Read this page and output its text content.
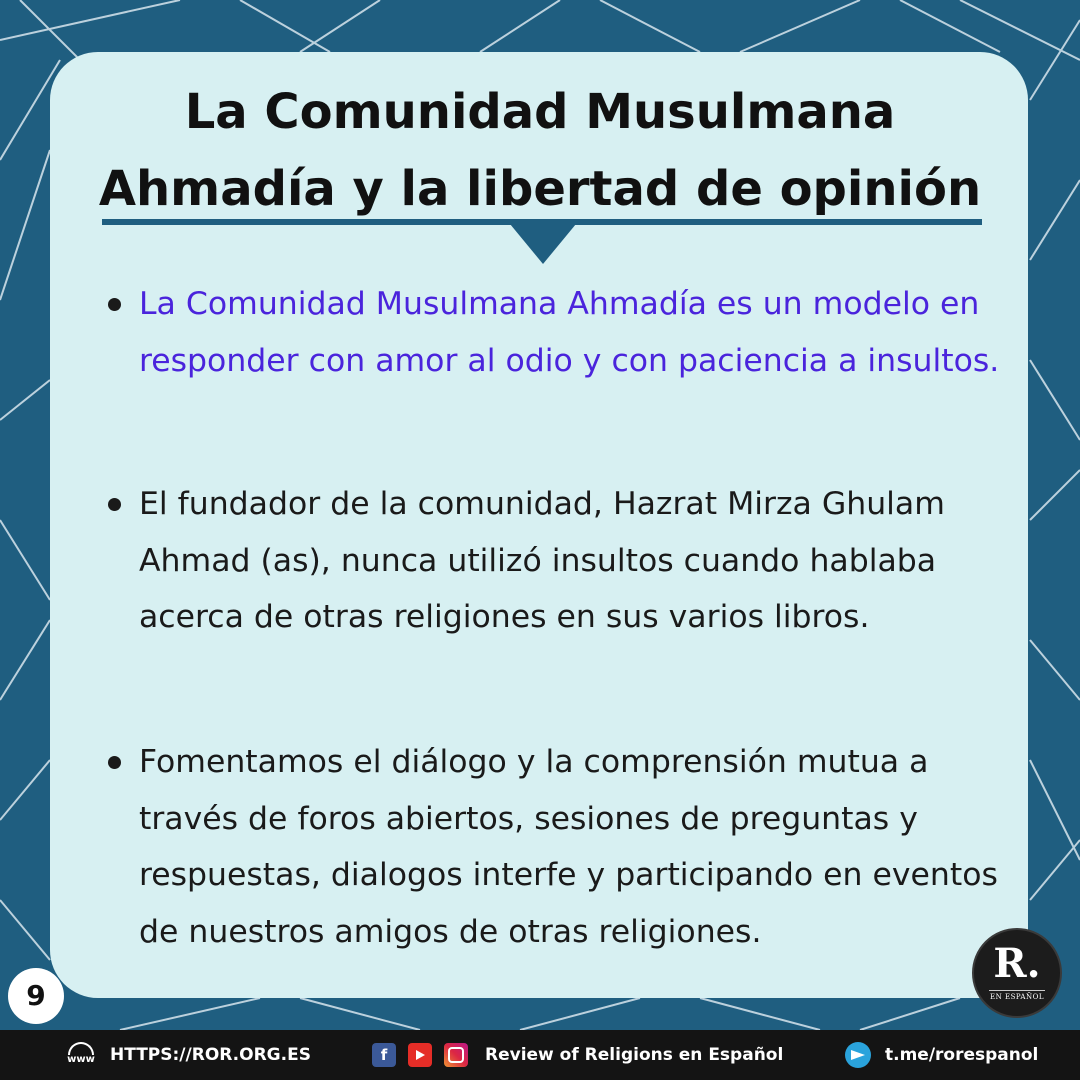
La Comunidad Musulmana
Ahmadía y la libertad de opinión
La Comunidad Musulmana Ahmadía es un modelo en responder con amor al odio y con paciencia a insultos.
El fundador de la comunidad, Hazrat Mirza Ghulam Ahmad (as), nunca utilizó insultos cuando hablaba acerca de otras religiones en sus varios libros.
Fomentamos el diálogo y la comprensión mutua a través de foros abiertos, sesiones de preguntas y respuestas, dialogos interfe y participando en eventos de nuestros amigos de otras religiones.
9
R.
EN ESPAÑOL
www HTTPS://ROR.ORG.ES	f	Review of Religions en Español	t.me/rorespanol
